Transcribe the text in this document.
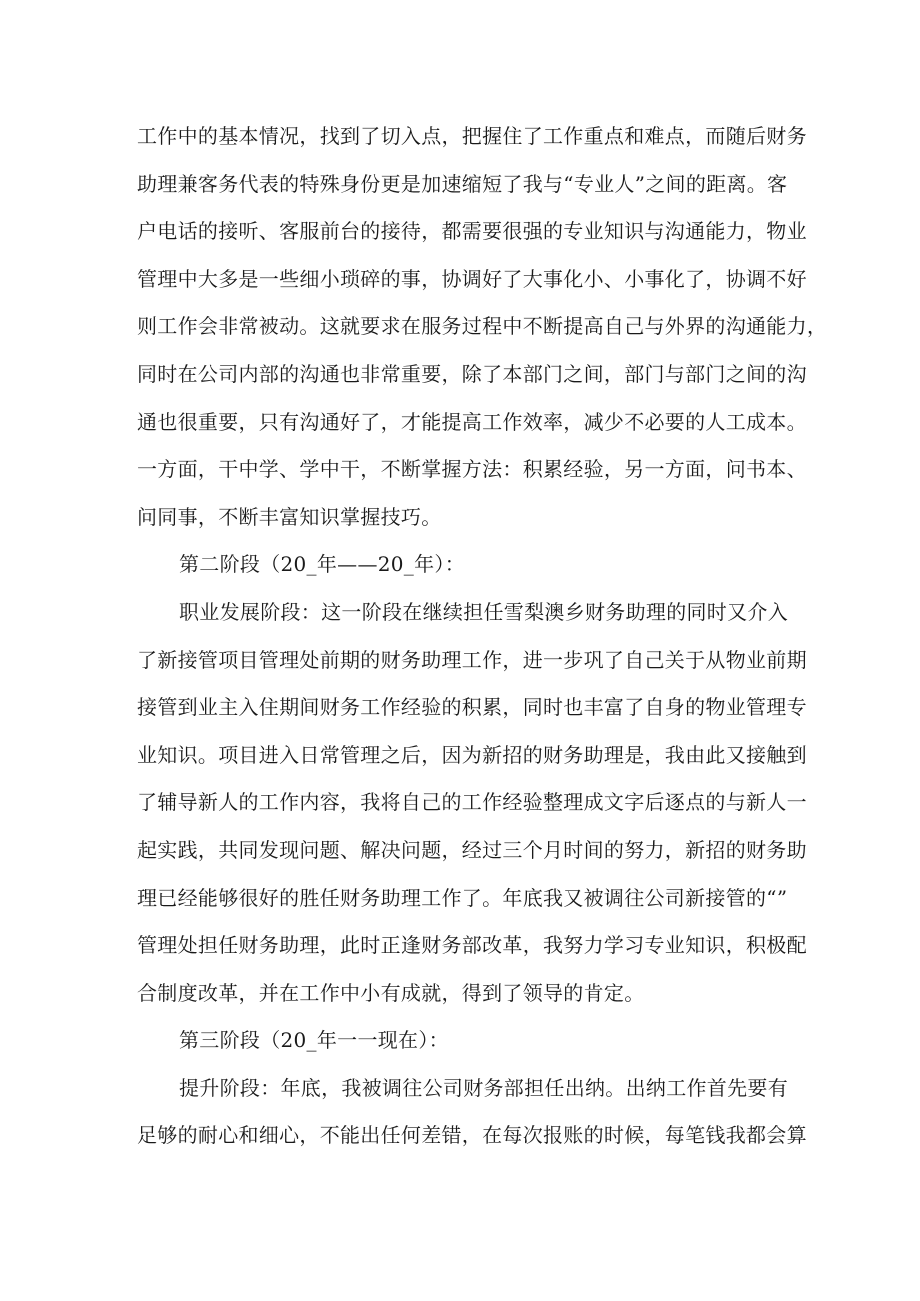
工作中的基本情况，找到了切入点，把握住了工作重点和难点，而随后财务
助理兼客务代表的特殊身份更是加速缩短了我与“专业人”之间的距离。客
户电话的接听、客服前台的接待，都需要很强的专业知识与沟通能力，物业
管理中大多是一些细小琐碎的事，协调好了大事化小、小事化了，协调不好
则工作会非常被动。这就要求在服务过程中不断提高自己与外界的沟通能力，
同时在公司内部的沟通也非常重要，除了本部门之间，部门与部门之间的沟
通也很重要，只有沟通好了，才能提高工作效率，减少不必要的人工成本。
一方面，干中学、学中干，不断掌握方法：积累经验，另一方面，问书本、
问同事，不断丰富知识掌握技巧。
第二阶段（20_年——20_年）：
职业发展阶段：这一阶段在继续担任雪梨澳乡财务助理的同时又介入
了新接管项目管理处前期的财务助理工作，进一步巩了自己关于从物业前期
接管到业主入住期间财务工作经验的积累，同时也丰富了自身的物业管理专
业知识。项目进入日常管理之后，因为新招的财务助理是，我由此又接触到
了辅导新人的工作内容，我将自己的工作经验整理成文字后逐点的与新人一
起实践，共同发现问题、解决问题，经过三个月时间的努力，新招的财务助
理已经能够很好的胜任财务助理工作了。年底我又被调往公司新接管的“”
管理处担任财务助理，此时正逢财务部改革，我努力学习专业知识，积极配
合制度改革，并在工作中小有成就，得到了领导的肯定。
第三阶段（20_年一一现在）：
提升阶段：年底，我被调往公司财务部担任出纳。出纳工作首先要有
足够的耐心和细心，不能出任何差错，在每次报账的时候，每笔钱我都会算
